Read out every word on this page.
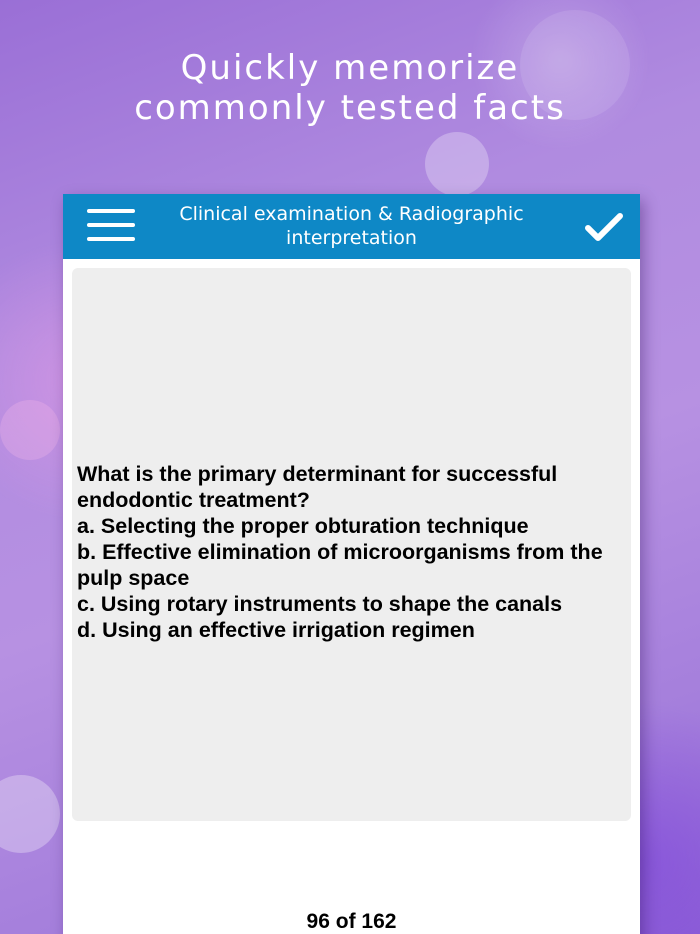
Quickly memorize
commonly tested facts
Clinical examination & Radiographic interpretation
What is the primary determinant for successful endodontic treatment?
a. Selecting the proper obturation technique
b. Effective elimination of microorganisms from the pulp space
c. Using rotary instruments to shape the canals
d. Using an effective irrigation regimen
96 of 162
